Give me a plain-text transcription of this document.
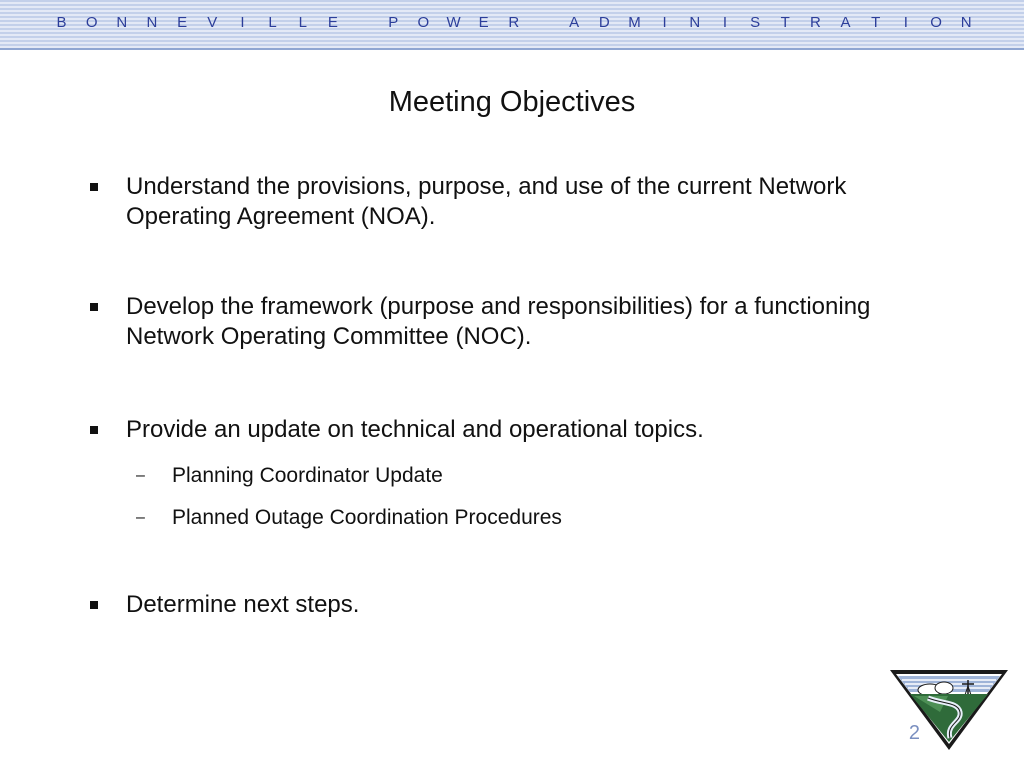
B	O N N E	V	I	L	L	E	P	O W E	R	A	D M	I	N	I	S	T	R A	T	I	O N
Meeting Objectives
Understand the provisions, purpose, and use of the current Network Operating Agreement (NOA).
Develop the framework (purpose and responsibilities) for a functioning Network Operating Committee (NOC).
Provide an update on technical and operational topics.
– Planning Coordinator Update
– Planned Outage Coordination Procedures
Determine next steps.
2
